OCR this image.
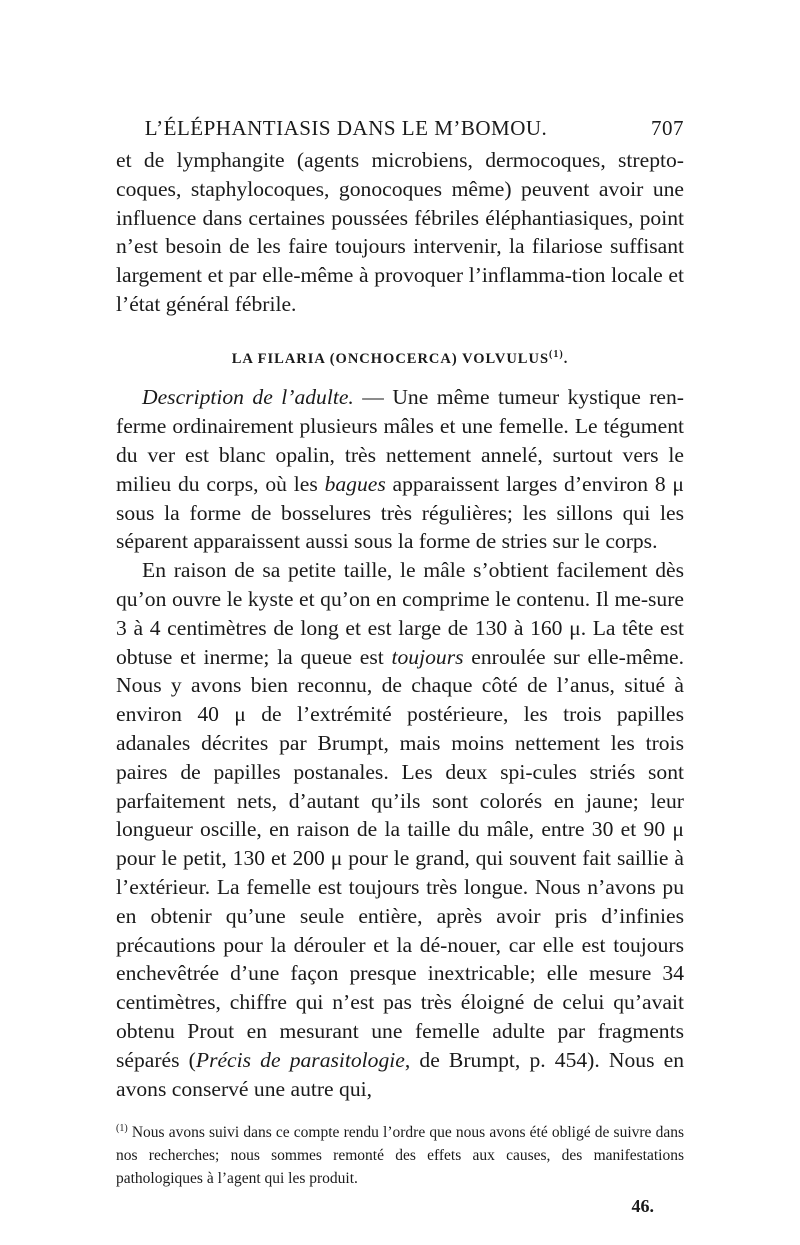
L’ÉLÉPHANTIASIS DANS LE M’BOMOU.	707

et de lymphangite (agents microbiens, dermocoques, strepto-coques, staphylocoques, gonocoques même) peuvent avoir une influence dans certaines poussées fébriles éléphantiasiques, point n’est besoin de les faire toujours intervenir, la filariose suffisant largement et par elle-même à provoquer l’inflamma-tion locale et l’état général fébrile.

LA FILARIA (ONCHOCERCA) VOLVULUS$^{(1)}$.

Description de l’adulte. — Une même tumeur kystique ren-ferme ordinairement plusieurs mâles et une femelle. Le tégument du ver est blanc opalin, très nettement annelé, surtout vers le milieu du corps, où les bagues apparaissent larges d’environ 8 μ sous la forme de bosselures très régulières; les sillons qui les séparent apparaissent aussi sous la forme de stries sur le corps.

En raison de sa petite taille, le mâle s’obtient facilement dès qu’on ouvre le kyste et qu’on en comprime le contenu. Il me-sure 3 à 4 centimètres de long et est large de 130 à 160 μ. La tête est obtuse et inerme; la queue est toujours enroulée sur elle-même. Nous y avons bien reconnu, de chaque côté de l’anus, situé à environ 40 μ de l’extrémité postérieure, les trois papilles adanales décrites par Brumpt, mais moins nettement les trois paires de papilles postanales. Les deux spi-cules striés sont parfaitement nets, d’autant qu’ils sont colorés en jaune; leur longueur oscille, en raison de la taille du mâle, entre 30 et 90 μ pour le petit, 130 et 200 μ pour le grand, qui souvent fait saillie à l’extérieur. La femelle est toujours très longue. Nous n’avons pu en obtenir qu’une seule entière, après avoir pris d’infinies précautions pour la dérouler et la dé-nouer, car elle est toujours enchevêtrée d’une façon presque inextricable; elle mesure 34 centimètres, chiffre qui n’est pas très éloigné de celui qu’avait obtenu Prout en mesurant une femelle adulte par fragments séparés (Précis de parasitologie, de Brumpt, p. 454). Nous en avons conservé une autre qui,

$^{(1)}$ Nous avons suivi dans ce compte rendu l’ordre que nous avons été obligé de suivre dans nos recherches; nous sommes remonté des effets aux causes, des manifestations pathologiques à l’agent qui les produit.

46.
